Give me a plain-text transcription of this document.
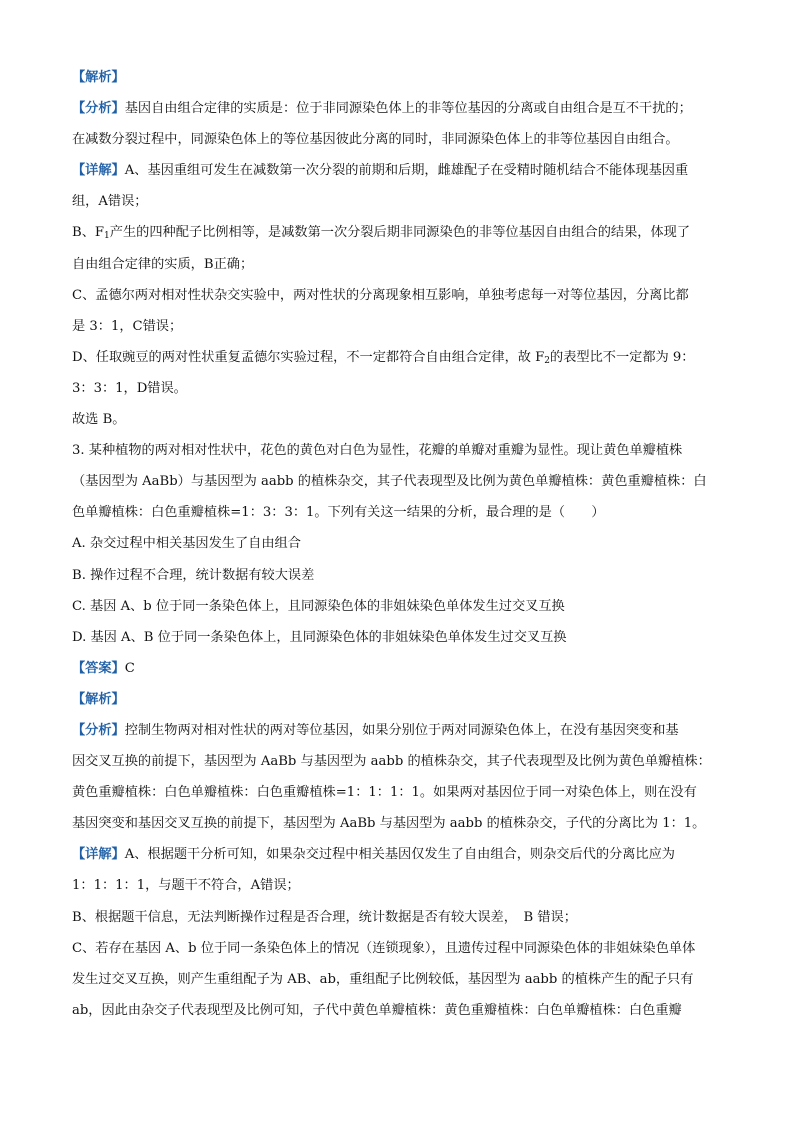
【解析】
【分析】基因自由组合定律的实质是：位于非同源染色体上的非等位基因的分离或自由组合是互不干扰的；
在减数分裂过程中，同源染色体上的等位基因彼此分离的同时，非同源染色体上的非等位基因自由组合。
【详解】A、基因重组可发生在减数第一次分裂的前期和后期，雌雄配子在受精时随机结合不能体现基因重
组，A错误；
B、$F_1$产生的四种配子比例相等，是减数第一次分裂后期非同源染色的非等位基因自由组合的结果，体现了
自由组合定律的实质，B正确；
C、孟德尔两对相对性状杂交实验中，两对性状的分离现象相互影响，单独考虑每一对等位基因，分离比都
是 3：1，C错误；
D、任取豌豆的两对性状重复孟德尔实验过程，不一定都符合自由组合定律，故 $F_2$的表型比不一定都为 9：
3：3：1，D错误。
故选 B。
3. 某种植物的两对相对性状中，花色的黄色对白色为显性，花瓣的单瓣对重瓣为显性。现让黄色单瓣植株
（基因型为 AaBb）与基因型为 aabb 的植株杂交，其子代表现型及比例为黄色单瓣植株：黄色重瓣植株：白
色单瓣植株：白色重瓣植株=1：3：3：1。下列有关这一结果的分析，最合理的是（　　）
A. 杂交过程中相关基因发生了自由组合
B. 操作过程不合理，统计数据有较大误差
C. 基因 A、b 位于同一条染色体上，且同源染色体的非姐妹染色单体发生过交叉互换
D. 基因 A、B 位于同一条染色体上，且同源染色体的非姐妹染色单体发生过交叉互换
【答案】C
【解析】
【分析】控制生物两对相对性状的两对等位基因，如果分别位于两对同源染色体上，在没有基因突变和基
因交叉互换的前提下，基因型为 AaBb 与基因型为 aabb 的植株杂交，其子代表现型及比例为黄色单瓣植株：
黄色重瓣植株：白色单瓣植株：白色重瓣植株=1：1：1：1。如果两对基因位于同一对染色体上，则在没有
基因突变和基因交叉互换的前提下，基因型为 AaBb 与基因型为 aabb 的植株杂交，子代的分离比为 1：1。
【详解】A、根据题干分析可知，如果杂交过程中相关基因仅发生了自由组合，则杂交后代的分离比应为
1：1：1：1，与题干不符合，A错误；
B、根据题干信息，无法判断操作过程是否合理，统计数据是否有较大误差，　B 错误；
C、若存在基因 A、b 位于同一条染色体上的情况（连锁现象），且遗传过程中同源染色体的非姐妹染色单体
发生过交叉互换，则产生重组配子为 AB、ab，重组配子比例较低，基因型为 aabb 的植株产生的配子只有
ab，因此由杂交子代表现型及比例可知，子代中黄色单瓣植株：黄色重瓣植株：白色单瓣植株：白色重瓣
